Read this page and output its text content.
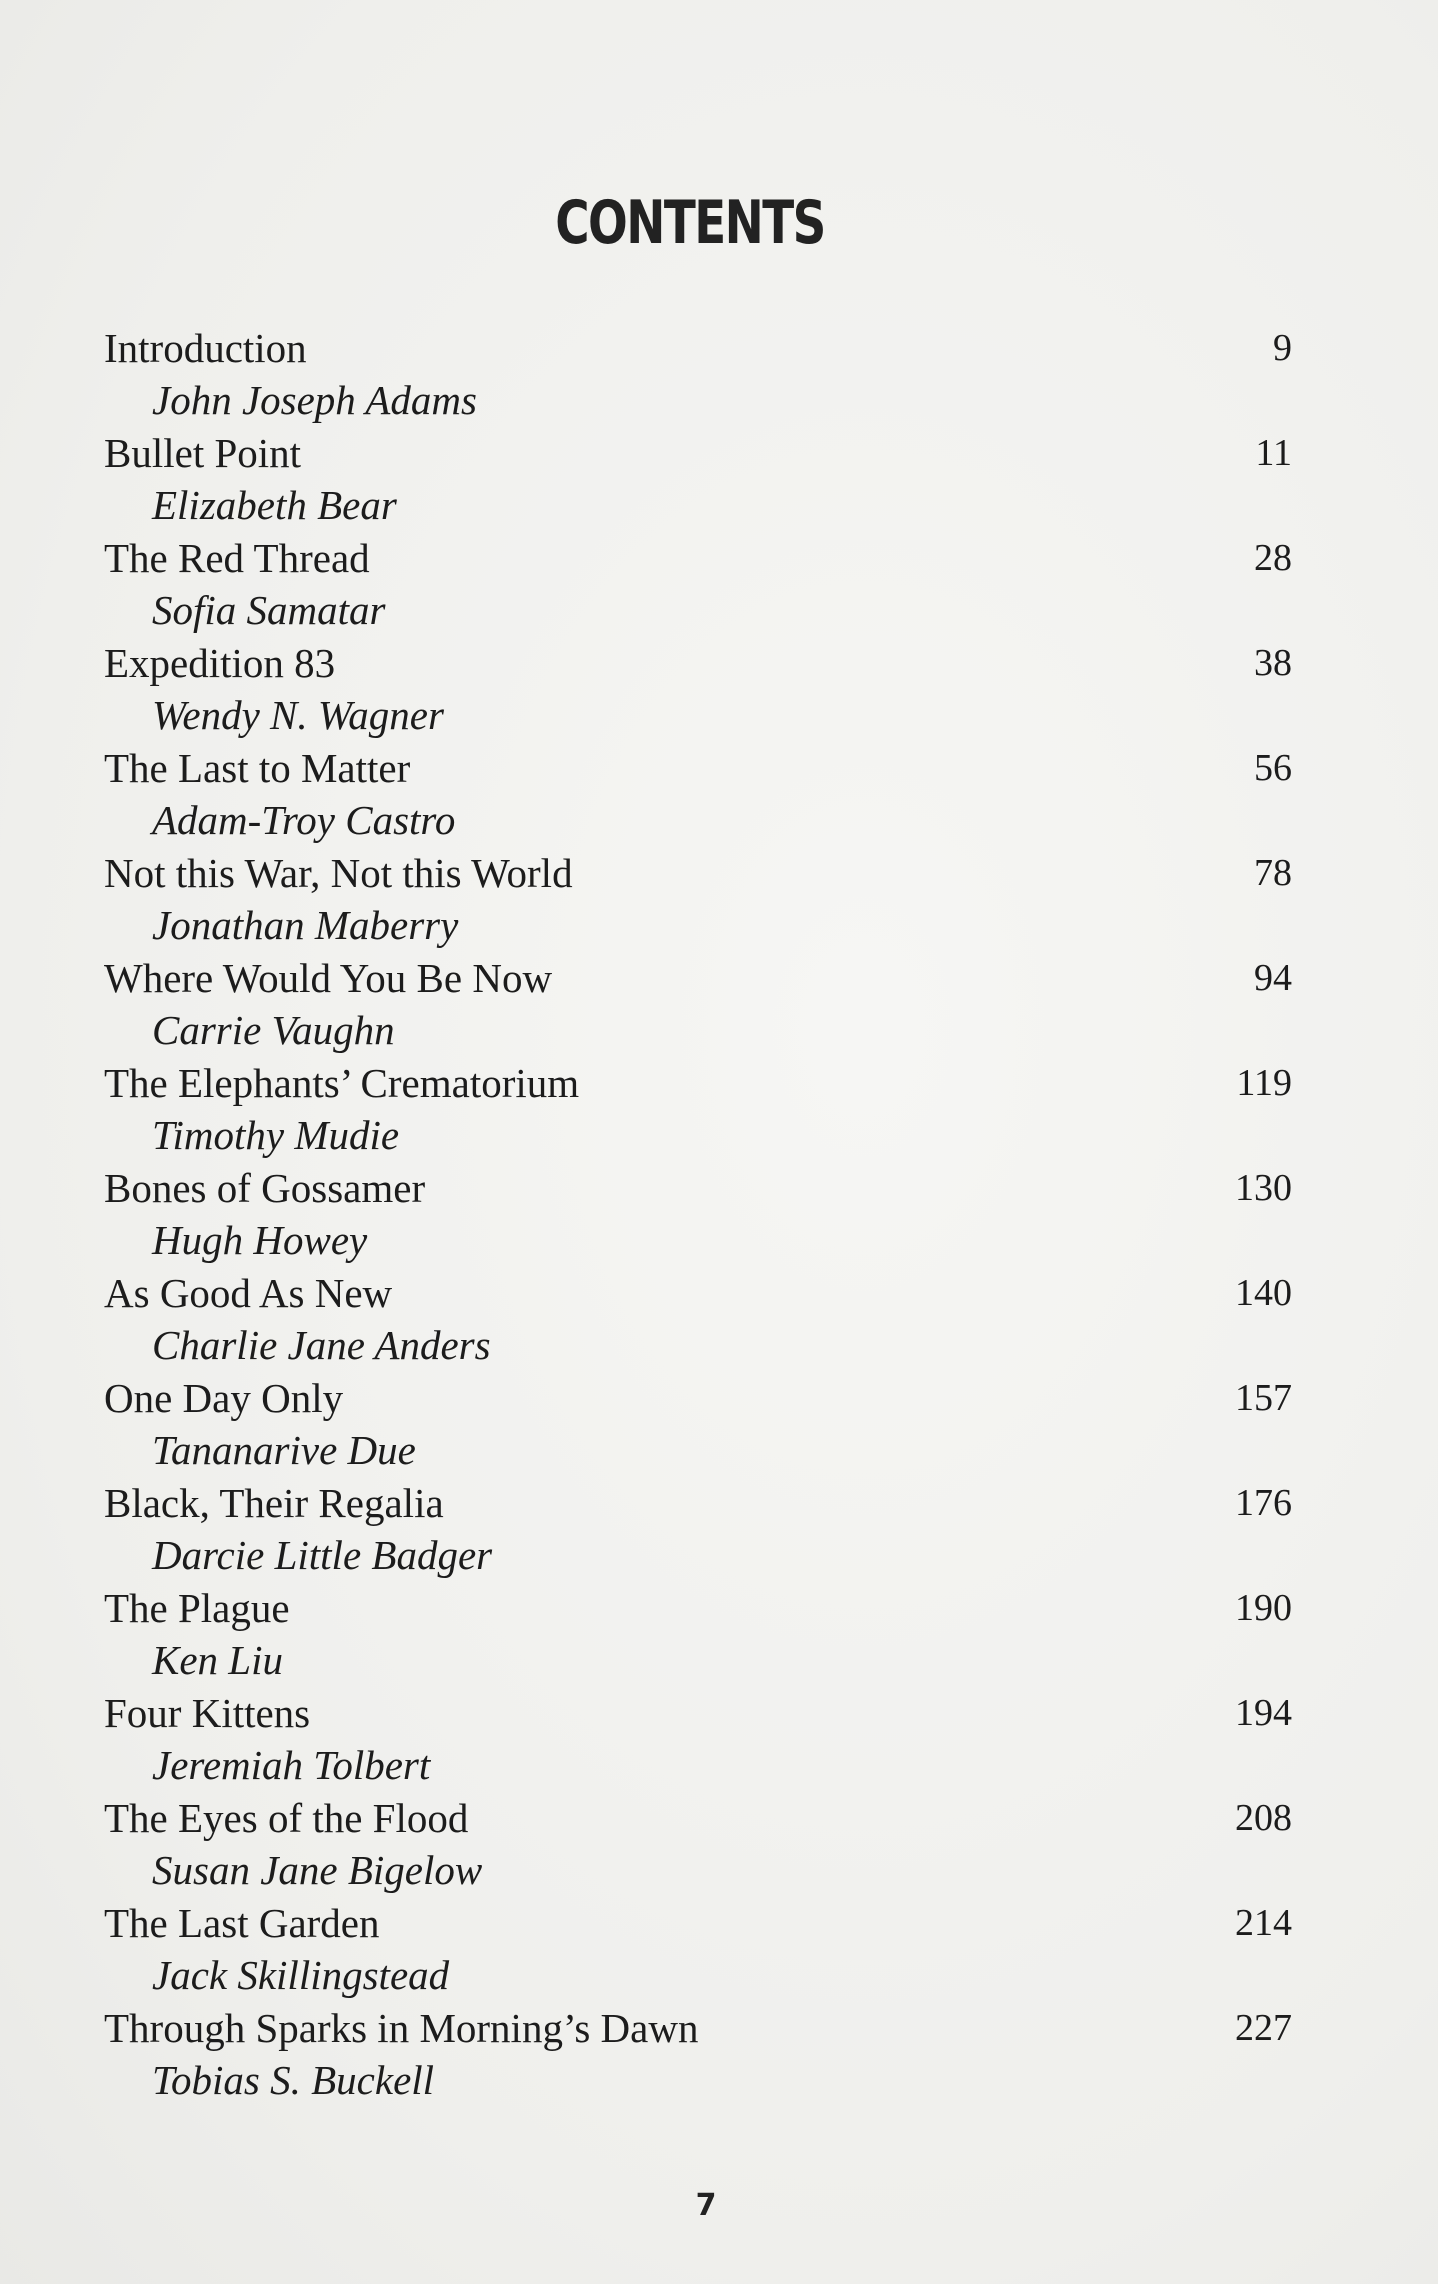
CONTENTS
Introduction	9
John Joseph Adams
Bullet Point	11
Elizabeth Bear
The Red Thread	28
Sofia Samatar
Expedition 83	38
Wendy N. Wagner
The Last to Matter	56
Adam-Troy Castro
Not this War, Not this World	78
Jonathan Maberry
Where Would You Be Now	94
Carrie Vaughn
The Elephants’ Crematorium	119
Timothy Mudie
Bones of Gossamer	130
Hugh Howey
As Good As New	140
Charlie Jane Anders
One Day Only	157
Tananarive Due
Black, Their Regalia	176
Darcie Little Badger
The Plague	190
Ken Liu
Four Kittens	194
Jeremiah Tolbert
The Eyes of the Flood	208
Susan Jane Bigelow
The Last Garden	214
Jack Skillingstead
Through Sparks in Morning’s Dawn	227
Tobias S. Buckell
7
